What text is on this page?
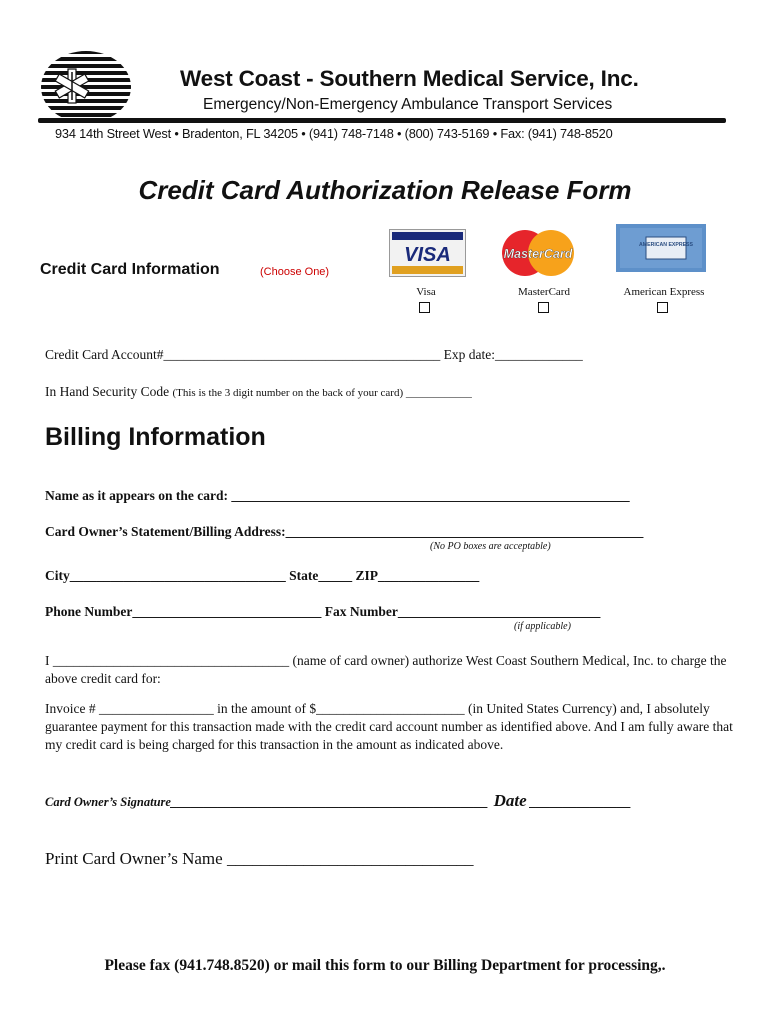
West Coast - Southern Medical Service, Inc.
Emergency/Non-Emergency Ambulance Transport Services
934 14th Street West • Bradenton, FL 34205 • (941) 748-7148 • (800) 743-5169 • Fax: (941) 748-8520
Credit Card Authorization Release Form
Credit Card Information	(Choose One)
VISA	MasterCard
AMERICAN EXPRESS
Visa	MasterCard	American Express
Credit Card Account#_________________________________________ Exp date:_____________
In Hand Security Code (This is the 3 digit number on the back of your card) ____________
Billing Information
Name as it appears on the card: ___________________________________________________________
Card Owner’s Statement/Billing Address:_____________________________________________________
(No PO boxes are acceptable)
City________________________________ State_____ ZIP_______________
Phone Number____________________________ Fax Number______________________________
(if applicable)
I ___________________________________ (name of card owner) authorize West Coast Southern Medical, Inc. to charge the above credit card for:
Invoice # _________________ in the amount of $______________________ (in United States Currency) and, I absolutely guarantee payment for this transaction made with the credit card account number as identified above. And I am fully aware that my credit card is being charged for this transaction in the amount as indicated above.
Card Owner’s Signature_______________________________________________ Date _______________
Print Card Owner’s Name _____________________________
Please fax (941.748.8520) or mail this form to our Billing Department for processing,.
